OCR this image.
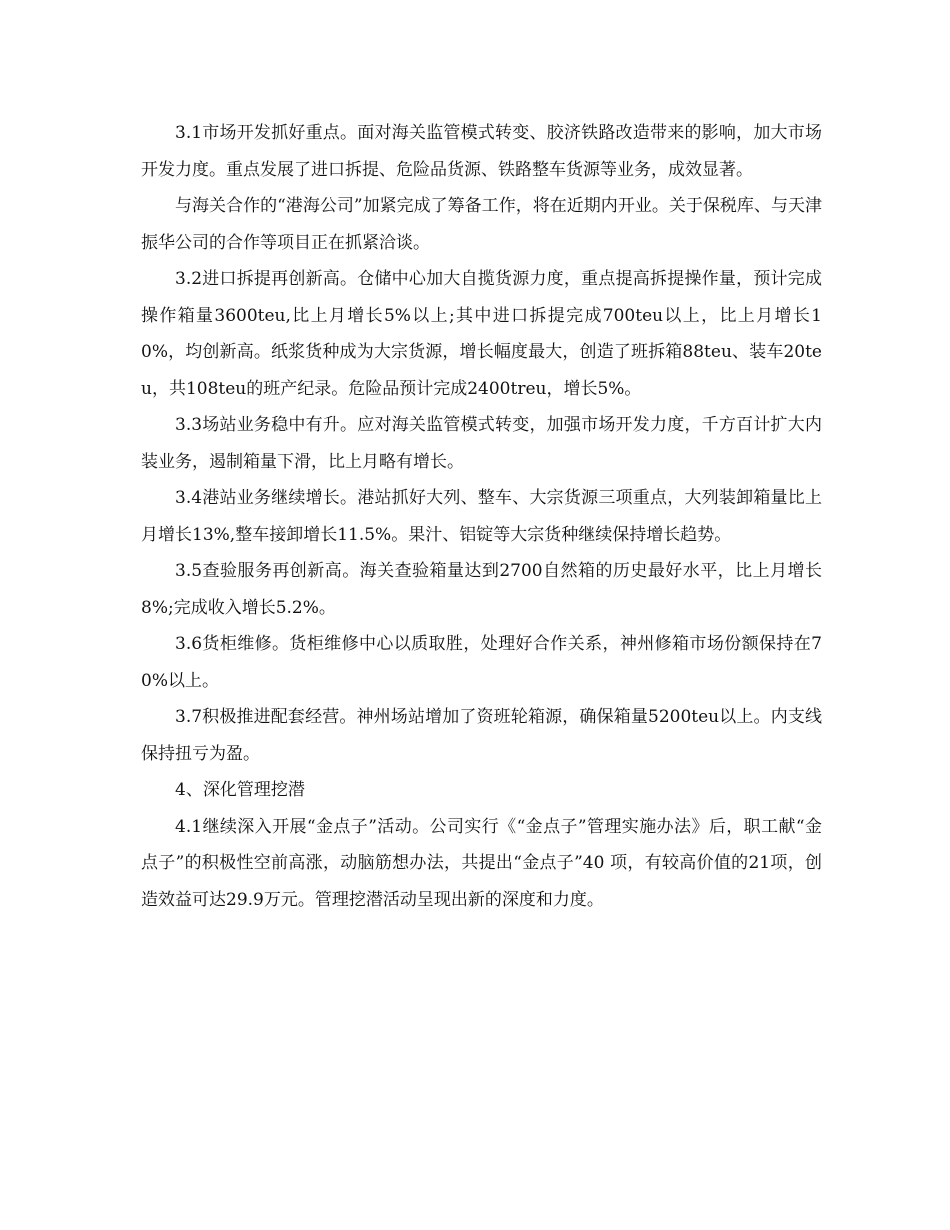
3.1市场开发抓好重点。面对海关监管模式转变、胶济铁路改造带来的影响，加大市场开发力度。重点发展了进口拆提、危险品货源、铁路整车货源等业务，成效显著。

与海关合作的“港海公司”加紧完成了筹备工作，将在近期内开业。关于保税库、与天津振华公司的合作等项目正在抓紧洽谈。

3.2进口拆提再创新高。仓储中心加大自揽货源力度，重点提高拆提操作量，预计完成操作箱量3600teu,比上月增长5%以上;其中进口拆提完成700teu以上，比上月增长10%，均创新高。纸浆货种成为大宗货源，增长幅度最大，创造了班拆箱88teu、装车20teu，共108teu的班产纪录。危险品预计完成2400treu，增长5%。

3.3场站业务稳中有升。应对海关监管模式转变，加强市场开发力度，千方百计扩大内装业务，遏制箱量下滑，比上月略有增长。

3.4港站业务继续增长。港站抓好大列、整车、大宗货源三项重点，大列装卸箱量比上月增长13%,整车接卸增长11.5%。果汁、铝锭等大宗货种继续保持增长趋势。

3.5查验服务再创新高。海关查验箱量达到2700自然箱的历史最好水平，比上月增长8%;完成收入增长5.2%。

3.6货柜维修。货柜维修中心以质取胜，处理好合作关系，神州修箱市场份额保持在70%以上。

3.7积极推进配套经营。神州场站增加了资班轮箱源，确保箱量5200teu以上。内支线保持扭亏为盈。

4、深化管理挖潜

4.1继续深入开展“金点子”活动。公司实行《“金点子”管理实施办法》后，职工献“金点子”的积极性空前高涨，动脑筋想办法，共提出“金点子”40 项，有较高价值的21项，创造效益可达29.9万元。管理挖潜活动呈现出新的深度和力度。
